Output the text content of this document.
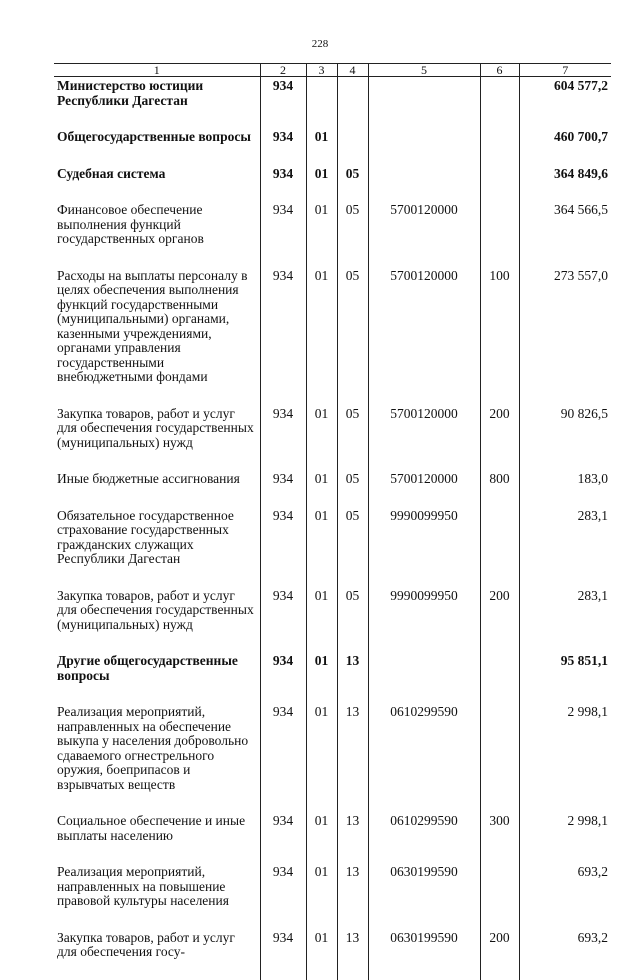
228
1	2	3	4	5	6	7
Министерство юстиции Республики Дагестан	934					604 577,2
Общегосударственные вопросы	934	01				460 700,7
Судебная система	934	01	05			364 849,6
Финансовое обеспечение выполнения функций государственных органов	934	01	05	5700120000		364 566,5
Расходы на выплаты персоналу в целях обеспечения выполнения функций государственными (муниципальными) органами, казенными учреждениями, органами управления государственными внебюджетными фондами	934	01	05	5700120000	100	273 557,0
Закупка товаров, работ и услуг для обеспечения государственных (муниципальных) нужд	934	01	05	5700120000	200	90 826,5
Иные бюджетные ассигнования	934	01	05	5700120000	800	183,0
Обязательное государственное страхование государственных гражданских служащих Республики Дагестан	934	01	05	9990099950		283,1
Закупка товаров, работ и услуг для обеспечения государственных (муниципальных) нужд	934	01	05	9990099950	200	283,1
Другие общегосударственные вопросы	934	01	13			95 851,1
Реализация мероприятий, направленных на обеспечение выкупа у населения добровольно сдаваемого огнестрельного оружия, боеприпасов и взрывчатых веществ	934	01	13	0610299590		2 998,1
Социальное обеспечение и иные выплаты населению	934	01	13	0610299590	300	2 998,1
Реализация мероприятий, направленных на повышение правовой культуры населения	934	01	13	0630199590		693,2
Закупка товаров, работ и услуг для обеспечения госу-	934	01	13	0630199590	200	693,2
